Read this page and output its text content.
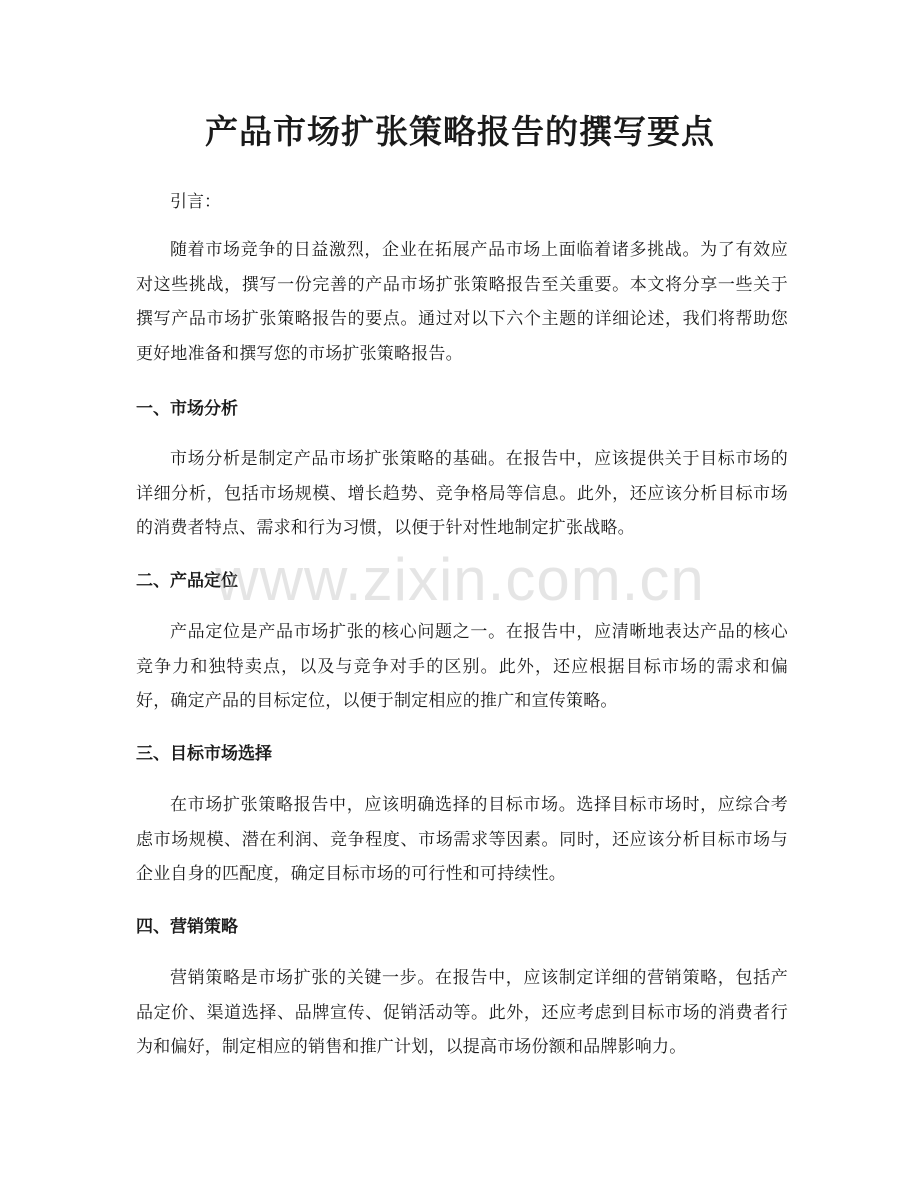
产品市场扩张策略报告的撰写要点

引言：

随着市场竞争的日益激烈，企业在拓展产品市场上面临着诸多挑战。为了有效应对这些挑战，撰写一份完善的产品市场扩张策略报告至关重要。本文将分享一些关于撰写产品市场扩张策略报告的要点。通过对以下六个主题的详细论述，我们将帮助您更好地准备和撰写您的市场扩张策略报告。

一、市场分析

市场分析是制定产品市场扩张策略的基础。在报告中，应该提供关于目标市场的详细分析，包括市场规模、增长趋势、竞争格局等信息。此外，还应该分析目标市场的消费者特点、需求和行为习惯，以便于针对性地制定扩张战略。

二、产品定位

产品定位是产品市场扩张的核心问题之一。在报告中，应清晰地表达产品的核心竞争力和独特卖点，以及与竞争对手的区别。此外，还应根据目标市场的需求和偏好，确定产品的目标定位，以便于制定相应的推广和宣传策略。

三、目标市场选择

在市场扩张策略报告中，应该明确选择的目标市场。选择目标市场时，应综合考虑市场规模、潜在利润、竞争程度、市场需求等因素。同时，还应该分析目标市场与企业自身的匹配度，确定目标市场的可行性和可持续性。

四、营销策略

营销策略是市场扩张的关键一步。在报告中，应该制定详细的营销策略，包括产品定价、渠道选择、品牌宣传、促销活动等。此外，还应考虑到目标市场的消费者行为和偏好，制定相应的销售和推广计划，以提高市场份额和品牌影响力。

www.zixin.com.cn
